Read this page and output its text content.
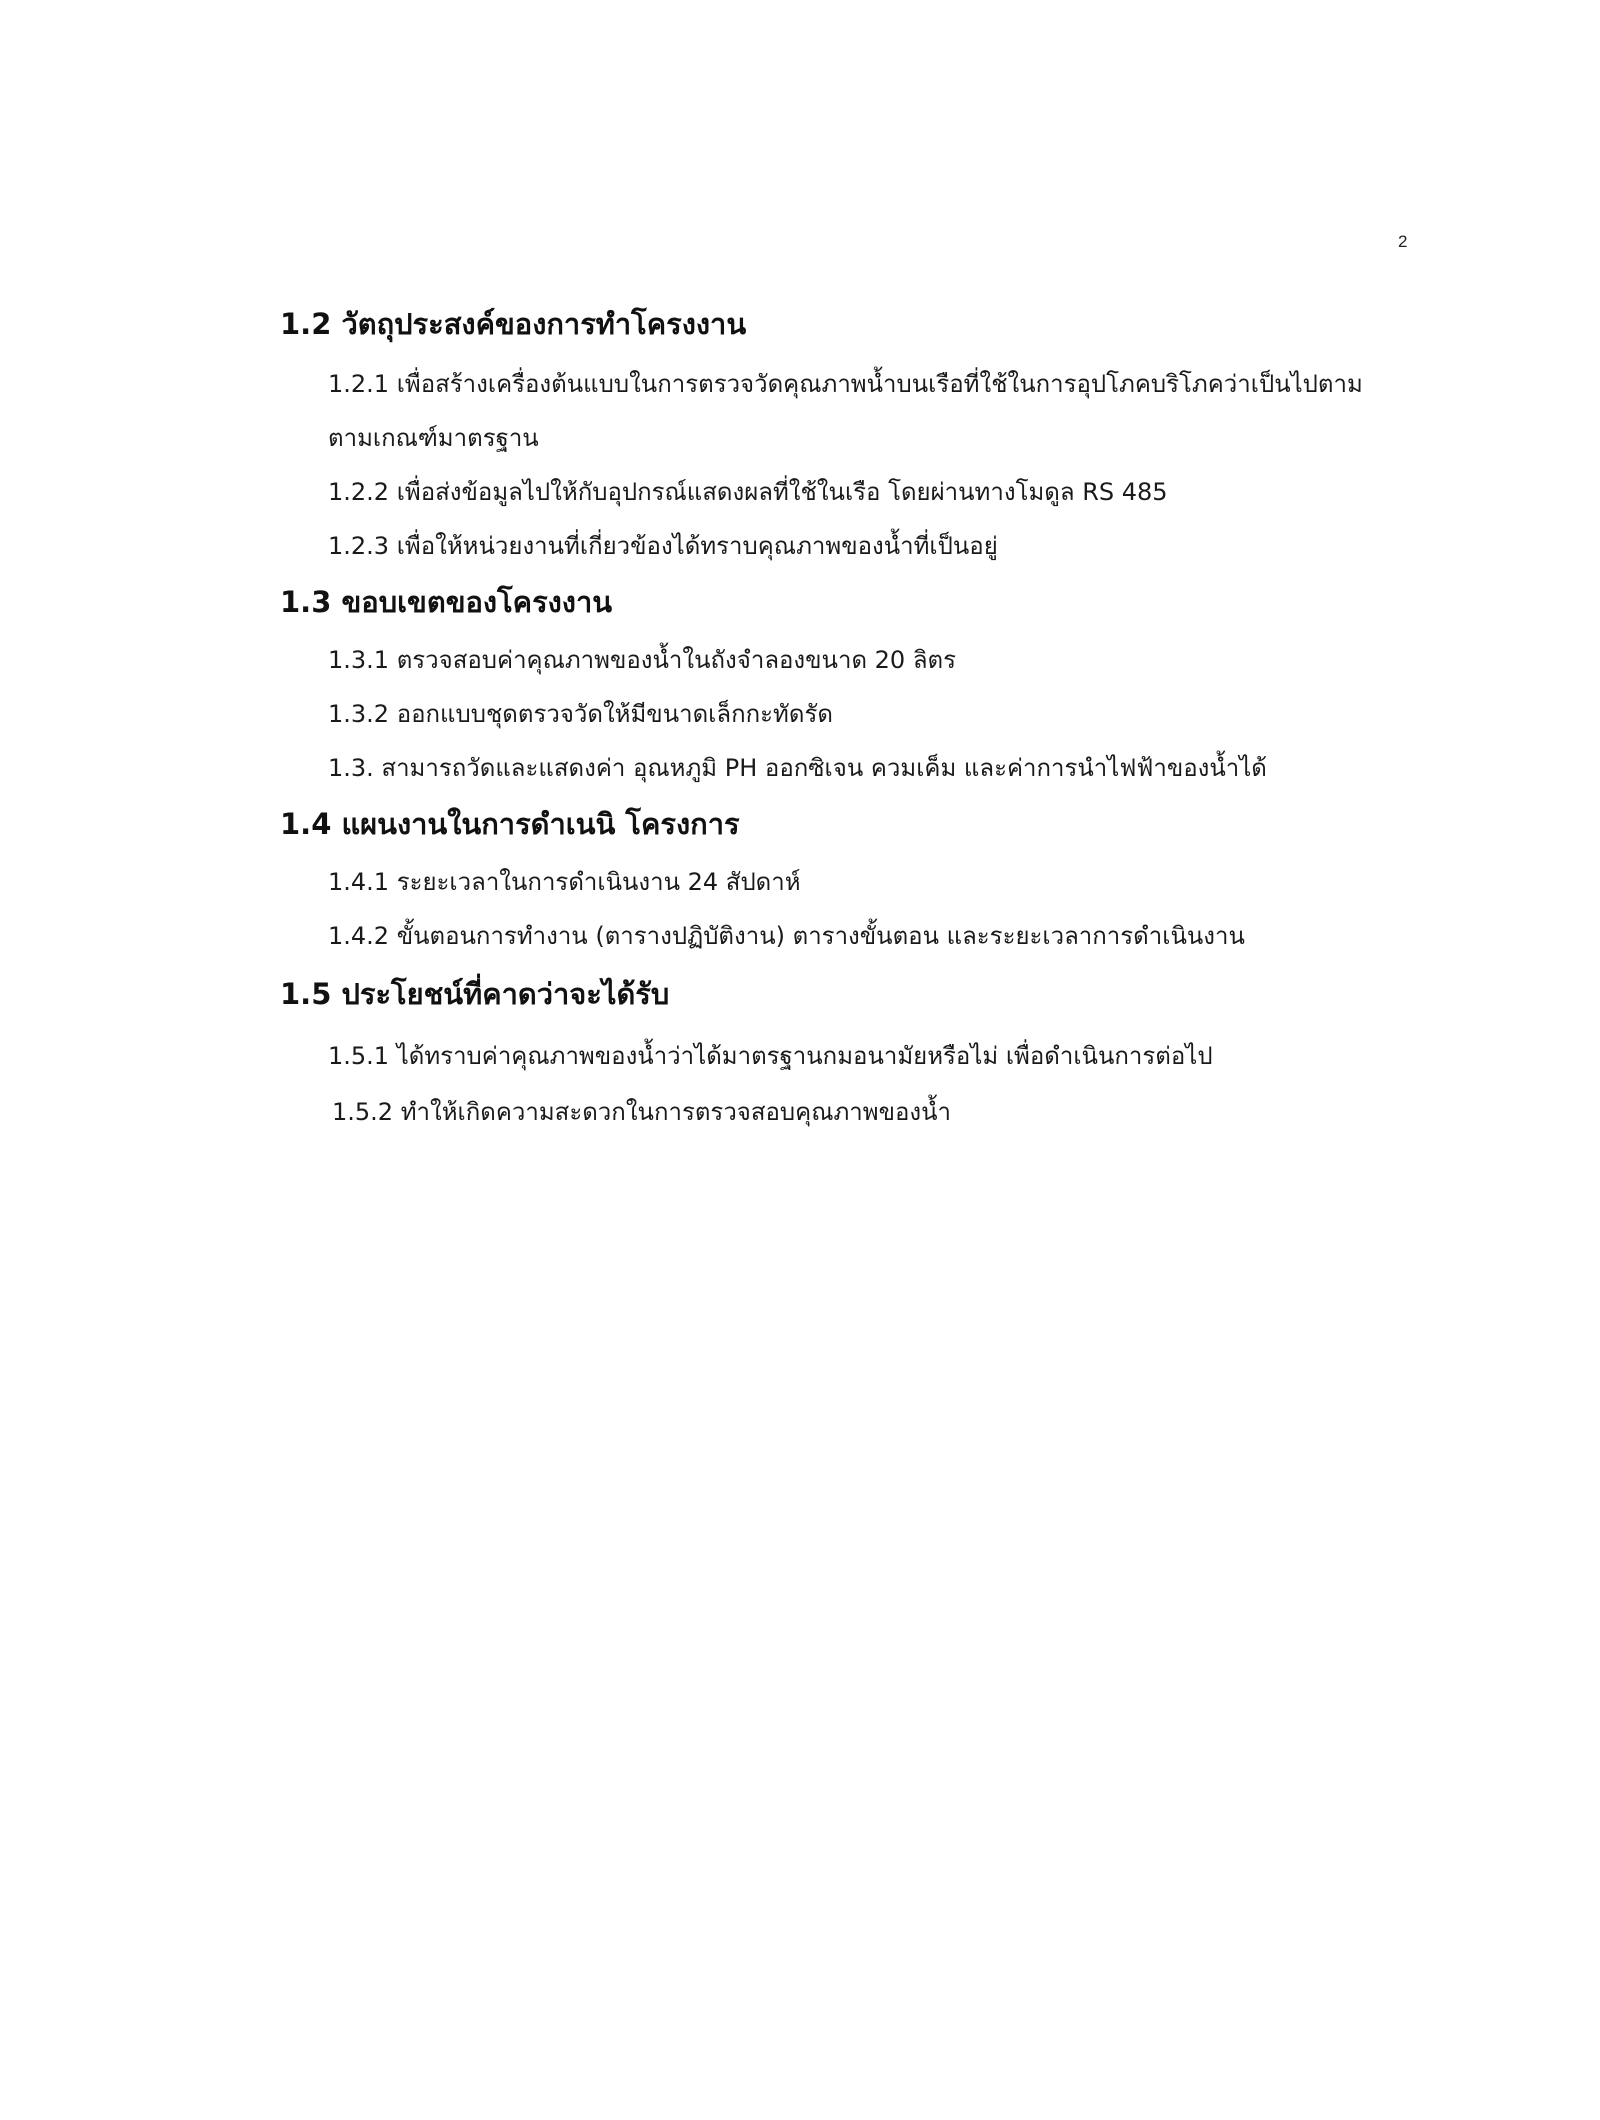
2
1.2 วัตถุประสงค์ของการทำโครงงาน
1.2.1 เพื่อสร้างเครื่องต้นแบบในการตรวจวัดคุณภาพน้ำบนเรือที่ใช้ในการอุปโภคบริโภคว่าเป็นไปตาม
ตามเกณฑ์มาตรฐาน
1.2.2 เพื่อส่งข้อมูลไปให้กับอุปกรณ์แสดงผลที่ใช้ในเรือ โดยผ่านทางโมดูล RS 485
1.2.3 เพื่อให้หน่วยงานที่เกี่ยวข้องได้ทราบคุณภาพของน้ำที่เป็นอยู่
1.3 ขอบเขตของโครงงาน
1.3.1 ตรวจสอบค่าคุณภาพของน้ำในถังจำลองขนาด 20 ลิตร
1.3.2 ออกแบบชุดตรวจวัดให้มีขนาดเล็กกะทัดรัด
1.3. สามารถวัดและแสดงค่า อุณหภูมิ PH ออกซิเจน ควมเค็ม และค่าการนำไฟฟ้าของน้ำได้
1.4 แผนงานในการดำเนนิ โครงการ
1.4.1 ระยะเวลาในการดำเนินงาน 24 สัปดาห์
1.4.2 ขั้นตอนการทำงาน (ตารางปฏิบัติงาน) ตารางขั้นตอน และระยะเวลาการดำเนินงาน
1.5 ประโยชน์ที่คาดว่าจะได้รับ
1.5.1 ได้ทราบค่าคุณภาพของน้ำว่าได้มาตรฐานกมอนามัยหรือไม่ เพื่อดำเนินการต่อไป
1.5.2 ทำให้เกิดความสะดวกในการตรวจสอบคุณภาพของน้ำ
